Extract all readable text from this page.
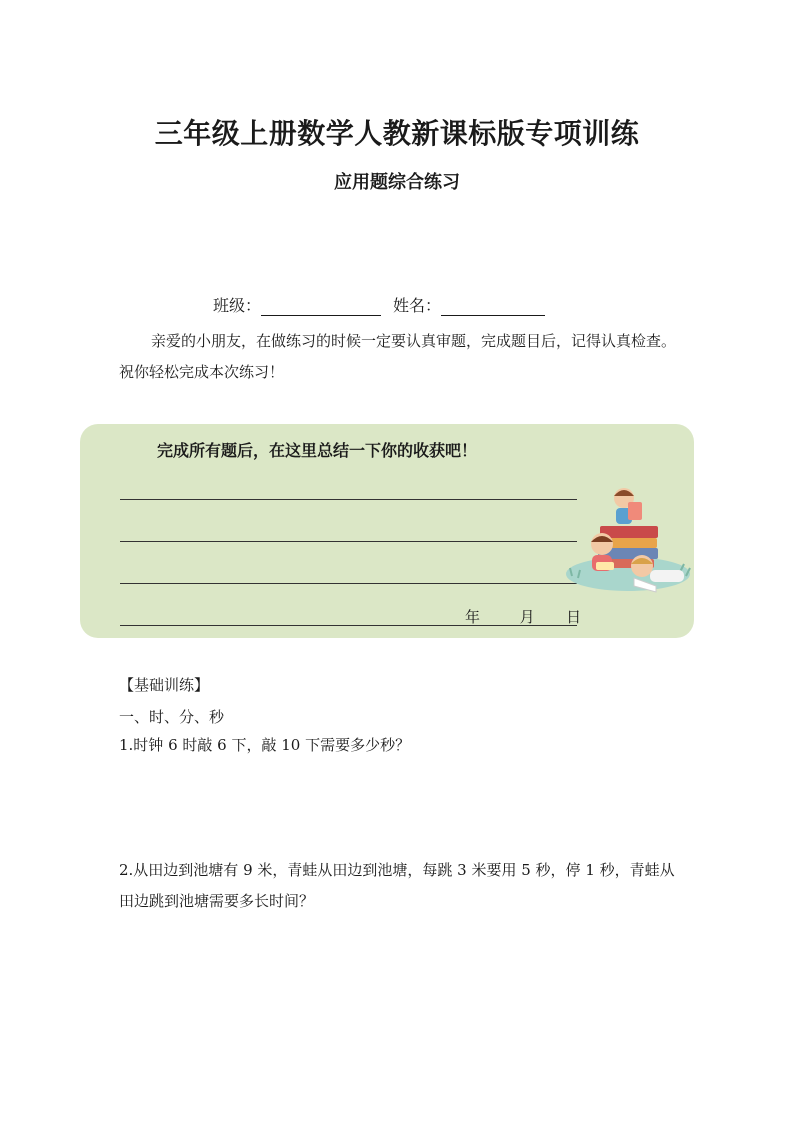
三年级上册数学人教新课标版专项训练
应用题综合练习
班级：	姓名：
亲爱的小朋友，在做练习的时候一定要认真审题，完成题目后，记得认真检查。祝你轻松完成本次练习！
完成所有题后，在这里总结一下你的收获吧！
年	月 日
【基础训练】
一、时、分、秒
1.时钟 6 时敲 6 下，敲 10 下需要多少秒？
2.从田边到池塘有 9 米，青蛙从田边到池塘，每跳 3 米要用 5 秒，停 1 秒，青蛙从田边跳到池塘需要多长时间？
